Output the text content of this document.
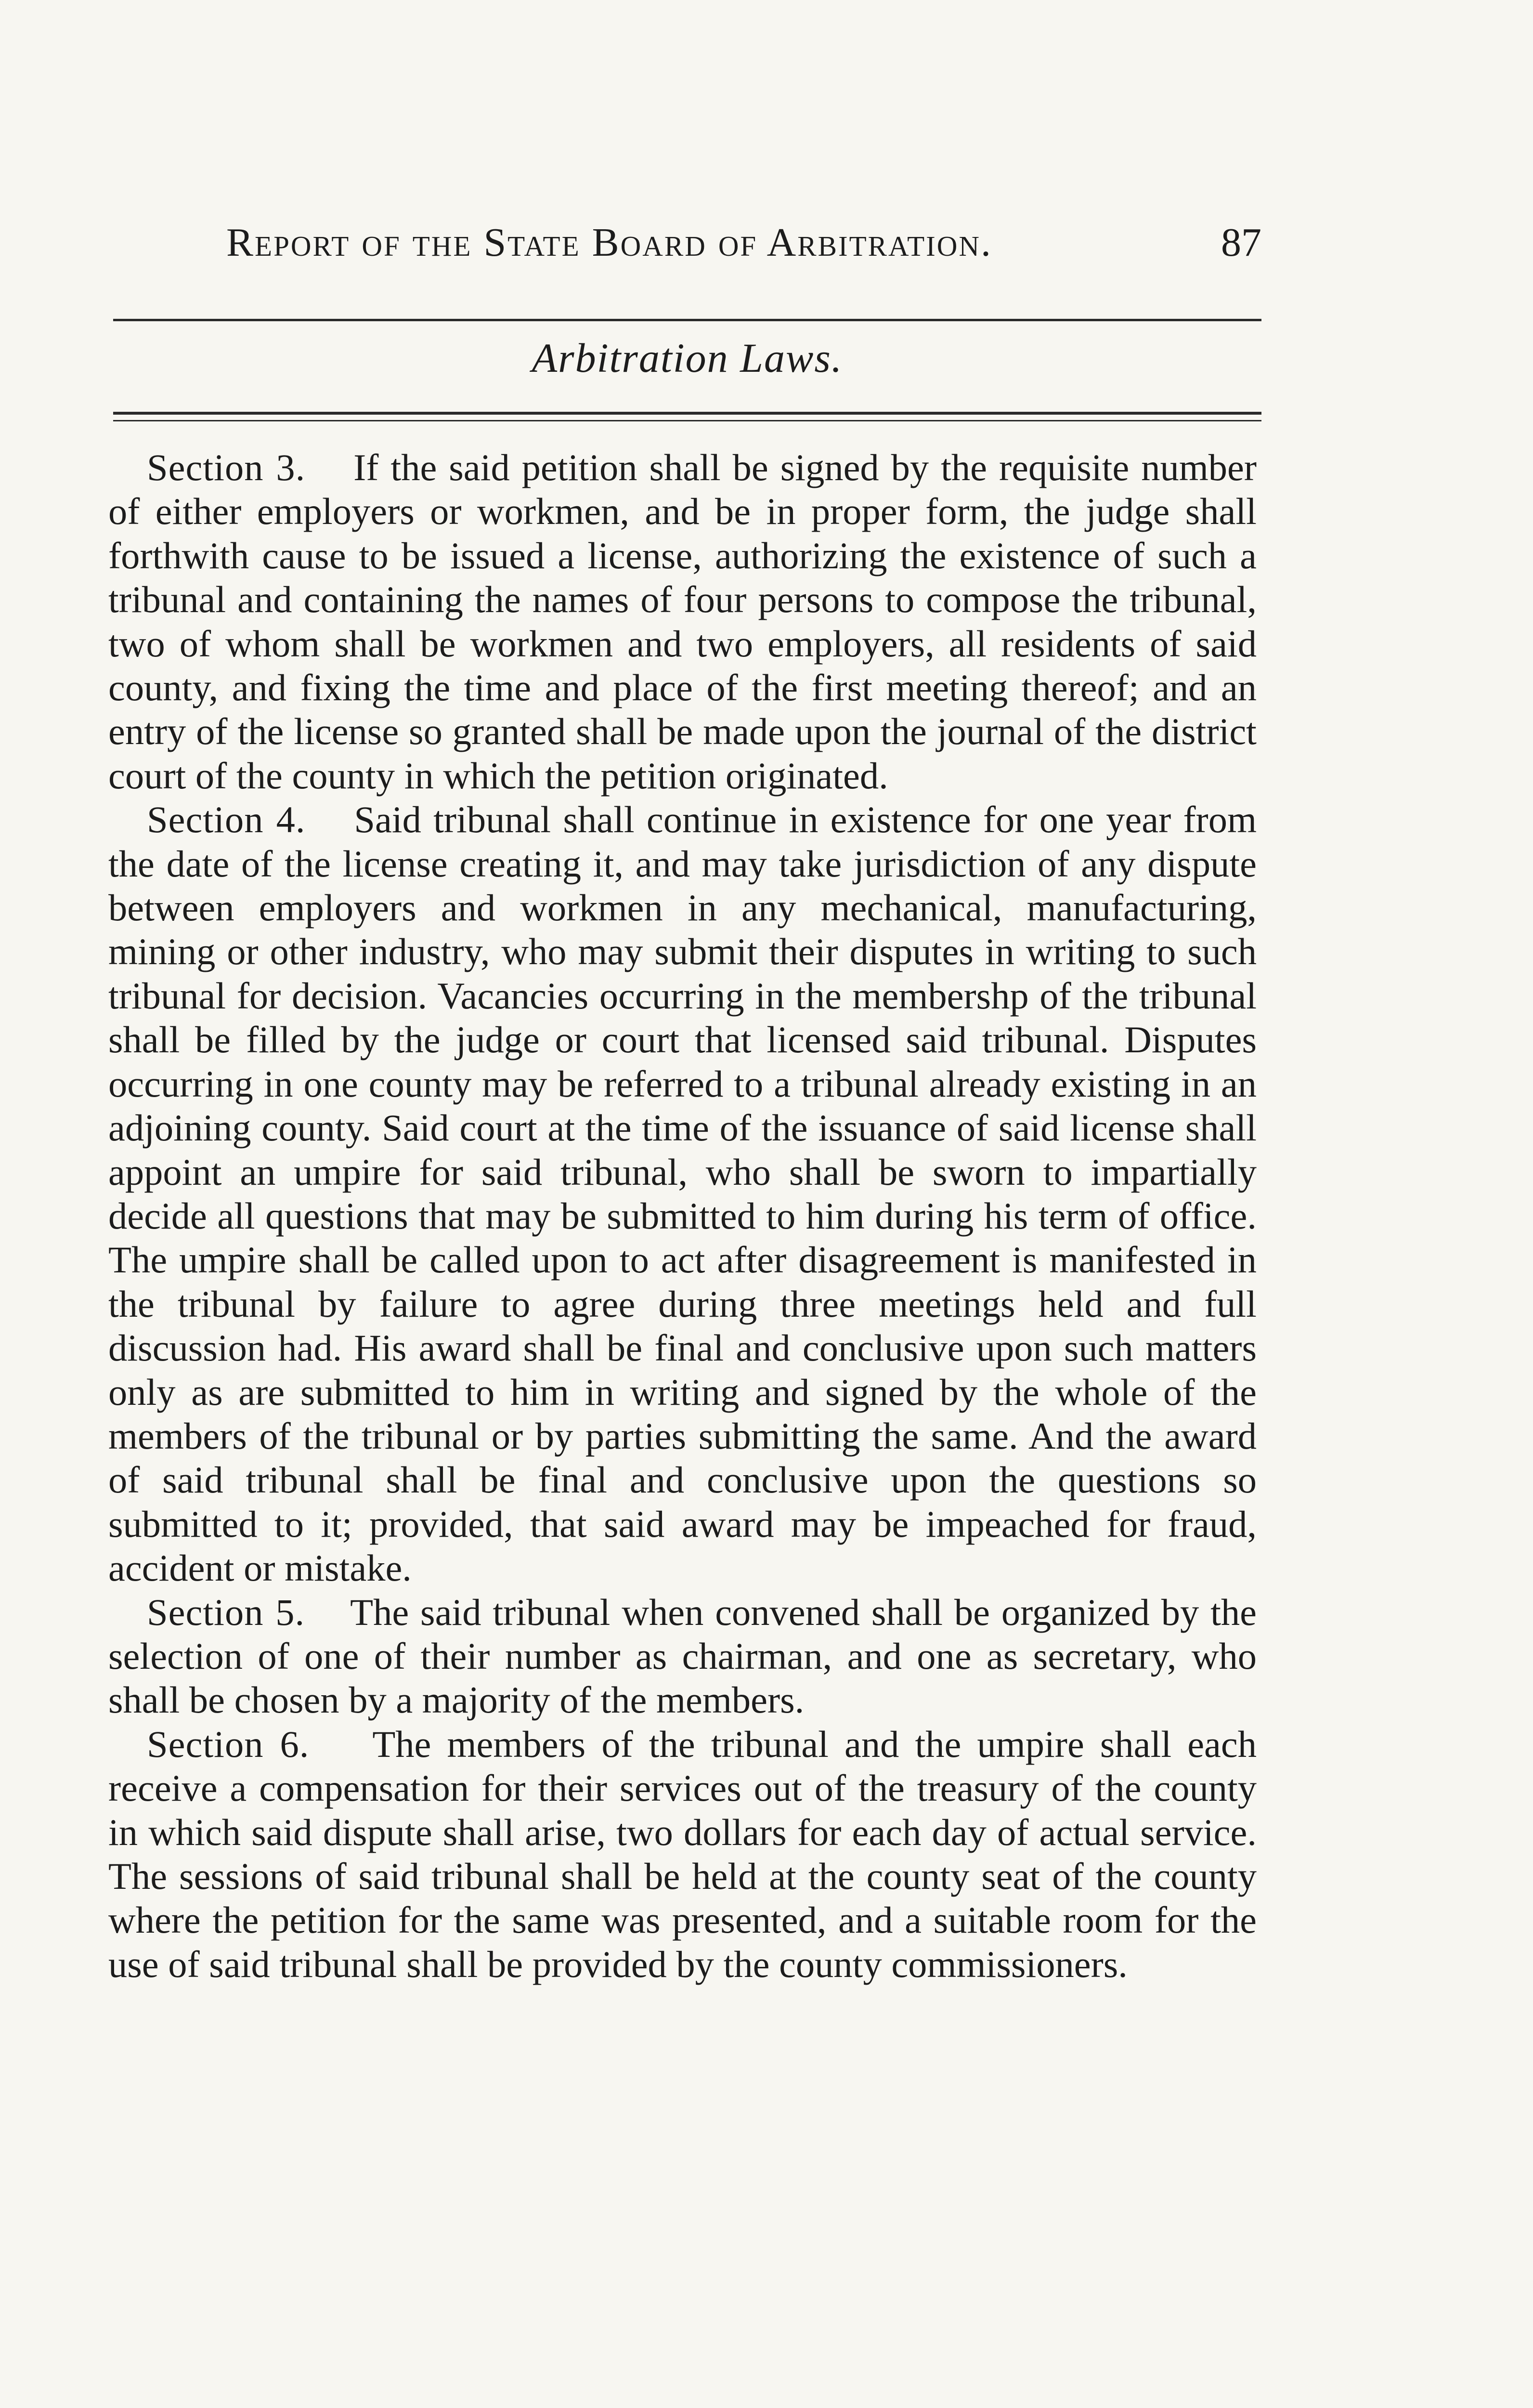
Report of the State Board of Arbitration.	87
Arbitration Laws.

Section 3. If the said petition shall be signed by the requisite number of either employers or workmen, and be in proper form, the judge shall forthwith cause to be issued a license, authorizing the existence of such a tribunal and containing the names of four persons to compose the tribunal, two of whom shall be workmen and two employers, all residents of said county, and fixing the time and place of the first meeting thereof; and an entry of the license so granted shall be made upon the journal of the district court of the county in which the petition originated.

Section 4. Said tribunal shall continue in existence for one year from the date of the license creating it, and may take jurisdiction of any dispute between employers and workmen in any mechanical, manufacturing, mining or other industry, who may submit their disputes in writing to such tribunal for decision. Vacancies occurring in the membershp of the tribunal shall be filled by the judge or court that licensed said tribunal. Disputes occurring in one county may be referred to a tribunal already existing in an adjoining county. Said court at the time of the issuance of said license shall appoint an umpire for said tribunal, who shall be sworn to impartially decide all questions that may be submitted to him during his term of office. The umpire shall be called upon to act after disagreement is manifested in the tribunal by failure to agree during three meetings held and full discussion had. His award shall be final and conclusive upon such matters only as are submitted to him in writing and signed by the whole of the members of the tribunal or by parties submitting the same. And the award of said tribunal shall be final and conclusive upon the questions so submitted to it; provided, that said award may be impeached for fraud, accident or mistake.

Section 5. The said tribunal when convened shall be organized by the selection of one of their number as chairman, and one as secretary, who shall be chosen by a majority of the members.

Section 6. The members of the tribunal and the umpire shall each receive a compensation for their services out of the treasury of the county in which said dispute shall arise, two dollars for each day of actual service. The sessions of said tribunal shall be held at the county seat of the county where the petition for the same was presented, and a suitable room for the use of said tribunal shall be provided by the county commissioners.
